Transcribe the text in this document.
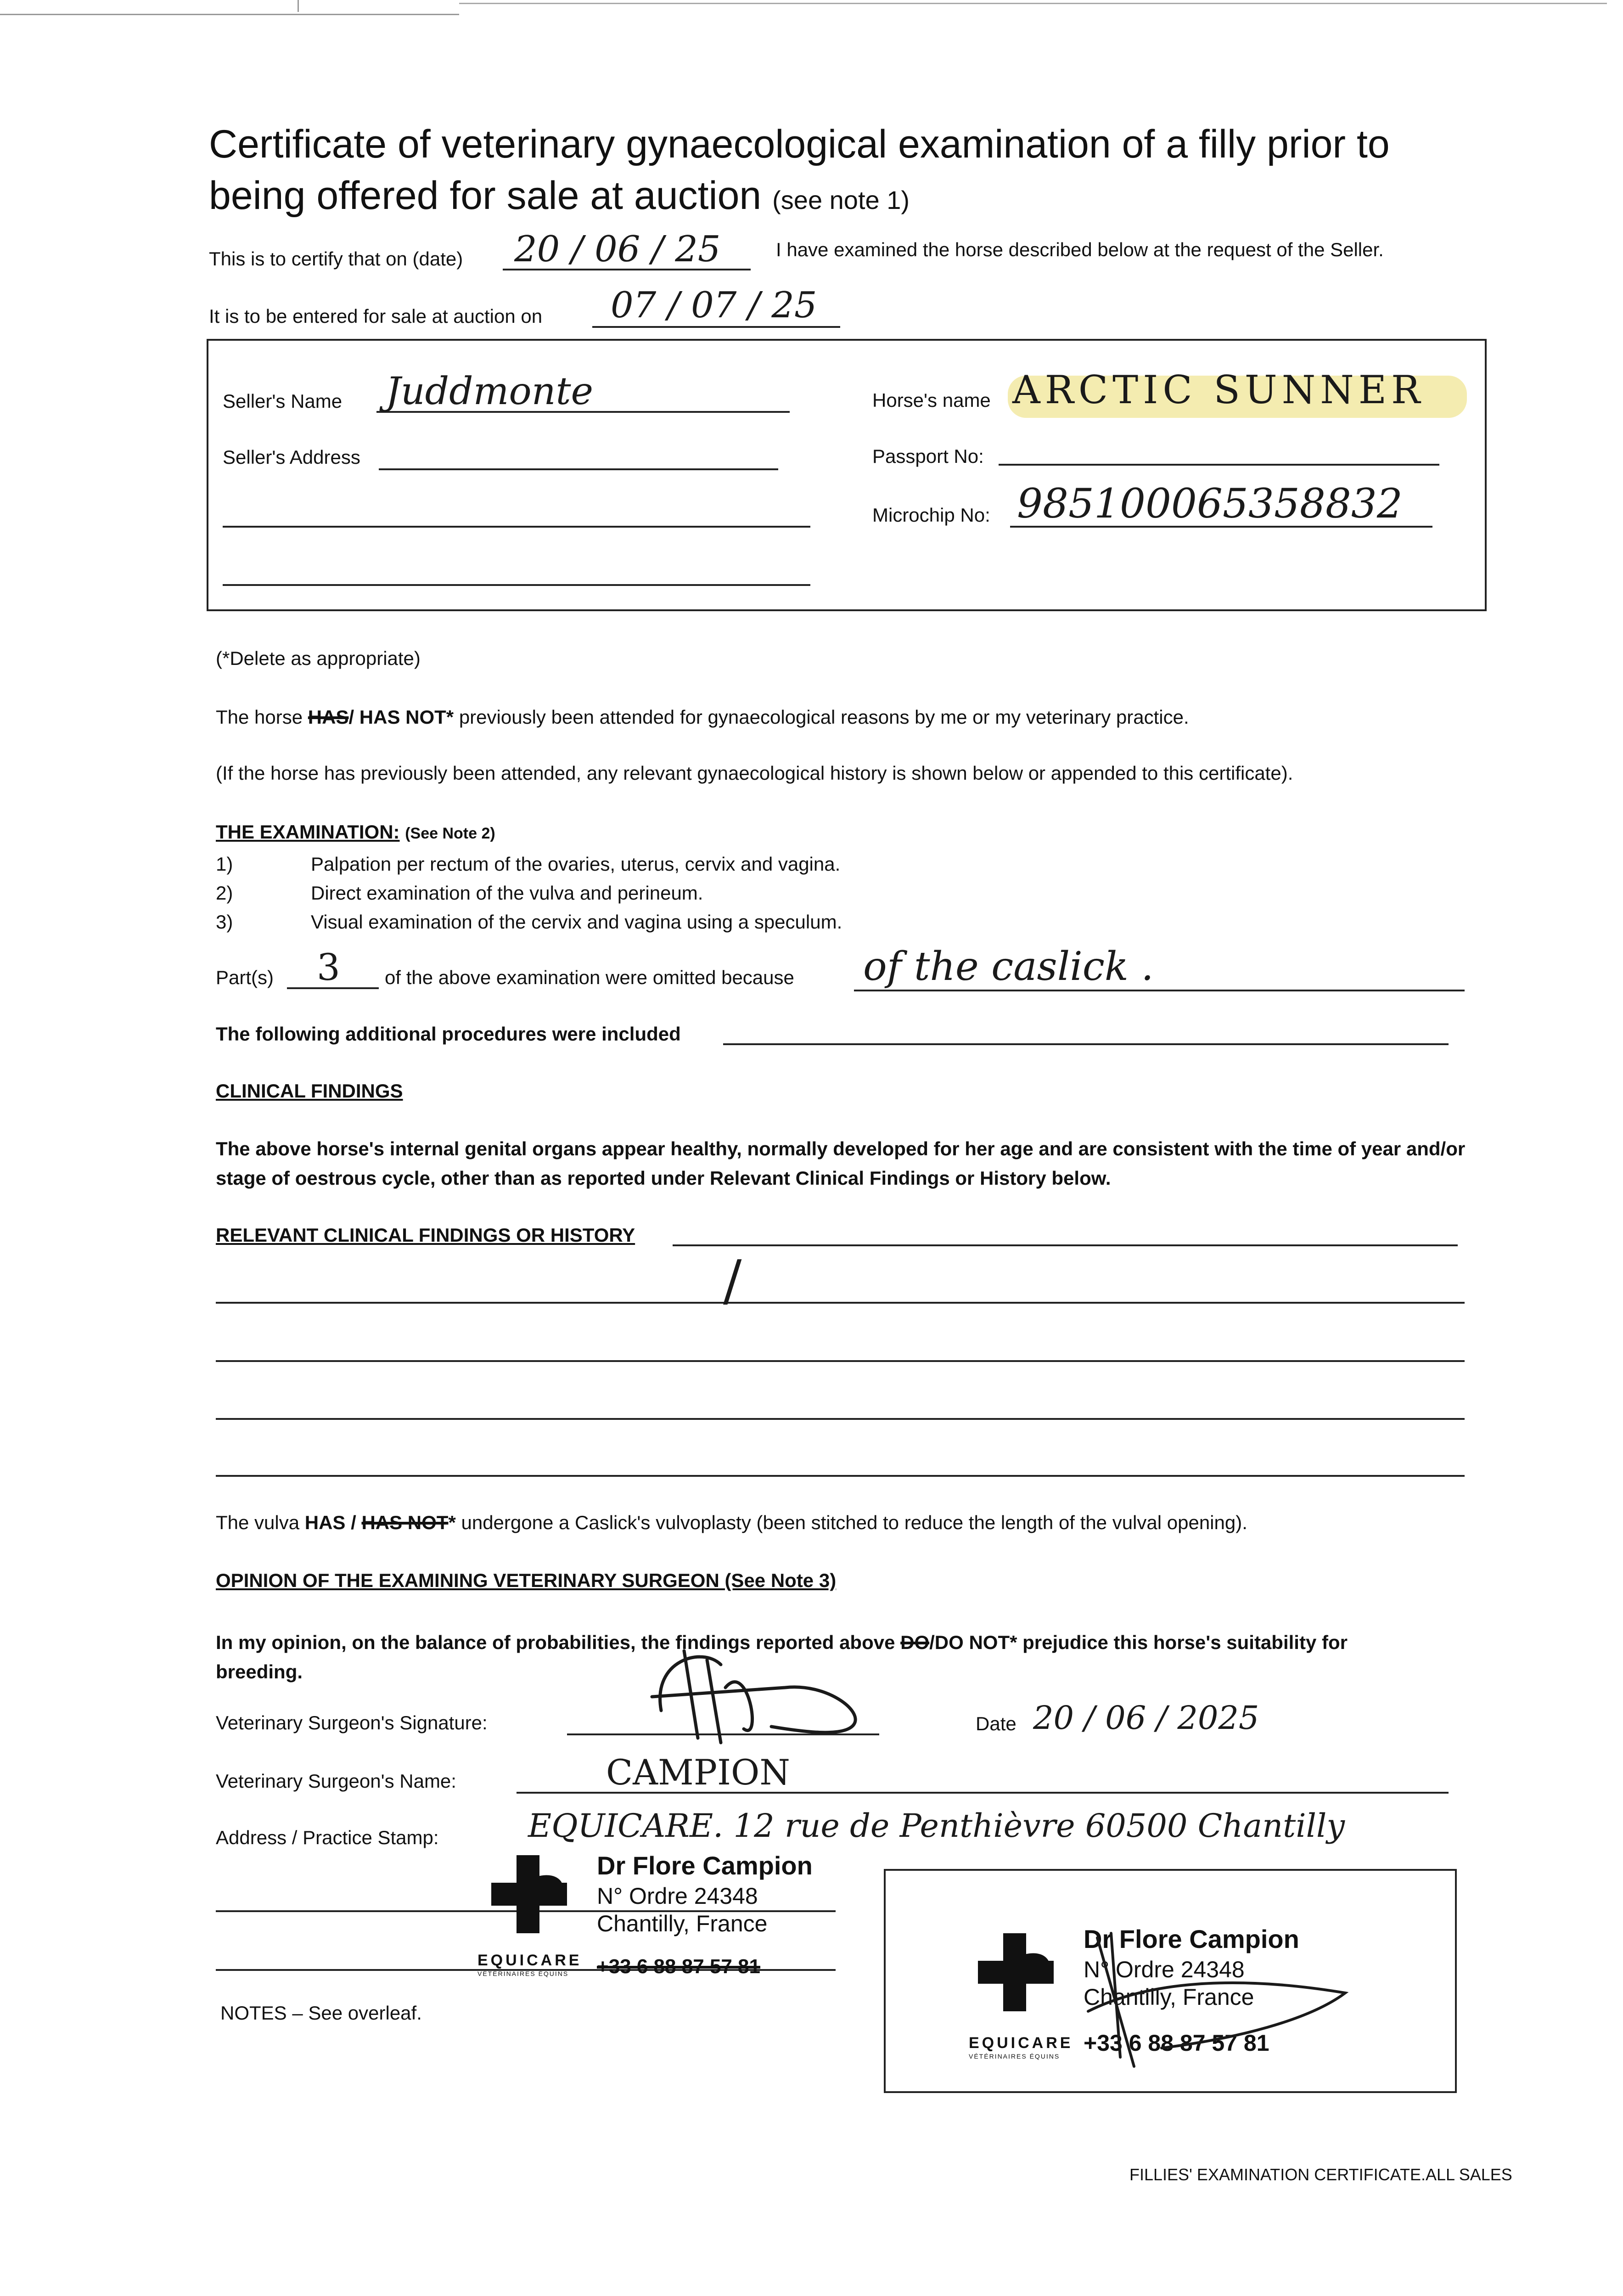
Certificate of veterinary gynaecological examination of a filly prior to
being offered for sale at auction (see note 1)
This is to certify that on (date) 20 / 06 / 25	I have examined the horse described below at the request of the Seller.
It is to be entered for sale at auction on 07 / 07 / 25
Seller's Name Juddmonte
Seller's Address
Horse's name ARCTIC SUNNER
Passport No:
Microchip No: 985100065358832
(*Delete as appropriate)
The horse HAS/ HAS NOT* previously been attended for gynaecological reasons by me or my veterinary practice.
(If the horse has previously been attended, any relevant gynaecological history is shown below or appended to this certificate).
THE EXAMINATION: (See Note 2)
1)	Palpation per rectum of the ovaries, uterus, cervix and vagina.
2)	Direct examination of the vulva and perineum.
3)	Visual examination of the cervix and vagina using a speculum.
Part(s) 3 of the above examination were omitted because of the caslick .
The following additional procedures were included
CLINICAL FINDINGS
The above horse's internal genital organs appear healthy, normally developed for her age and are consistent with the time of year and/or stage of oestrous cycle, other than as reported under Relevant Clinical Findings or History below.
RELEVANT CLINICAL FINDINGS OR HISTORY
/
The vulva HAS / HAS NOT* undergone a Caslick's vulvoplasty (been stitched to reduce the length of the vulval opening).
OPINION OF THE EXAMINING VETERINARY SURGEON (See Note 3)
In my opinion, on the balance of probabilities, the findings reported above DO/DO NOT* prejudice this horse's suitability for
breeding.
Veterinary Surgeon's Signature:	Date 20 / 06 / 2025
Veterinary Surgeon's Name:	CAMPION
Address / Practice Stamp:	EQUICARE. 12 rue de Penthièvre 60500 Chantilly
Dr Flore Campion
N° Ordre 24348
Chantilly, France
EQUICARE
VÉTÉRINAIRES ÉQUINS +33 6 88 87 57 81
Dr Flore Campion
N° Ordre 24348
Chantilly, France
EQUICARE
VÉTÉRINAIRES ÉQUINS
+33 6 88 87 57 81
NOTES – See overleaf.
FILLIES' EXAMINATION CERTIFICATE.ALL SALES
